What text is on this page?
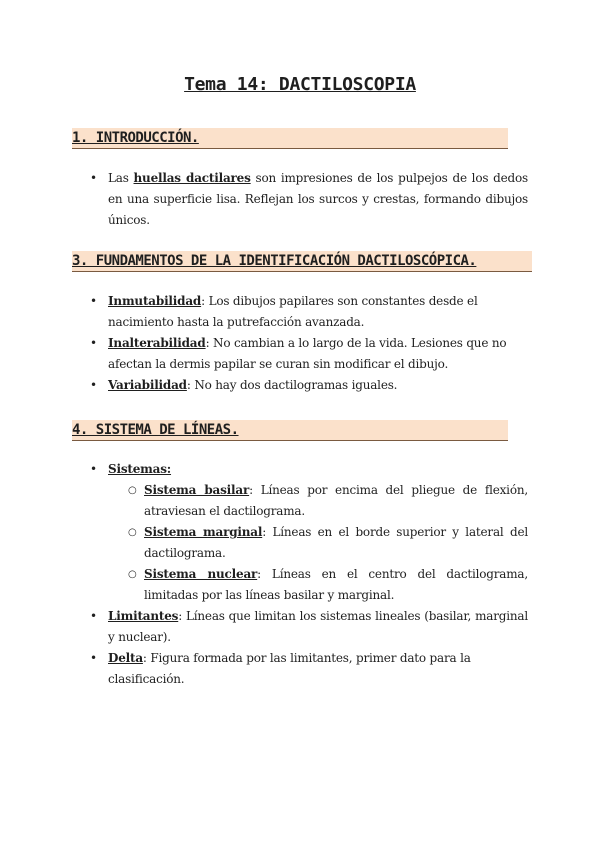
Tema 14: DACTILOSCOPIA
1. INTRODUCCIÓN.
• Las huellas dactilares son impresiones de los pulpejos de los dedos en una superficie lisa. Reflejan los surcos y crestas, formando dibujos únicos.
3. FUNDAMENTOS DE LA IDENTIFICACIÓN DACTILOSCÓPICA.
• Inmutabilidad: Los dibujos papilares son constantes desde el nacimiento hasta la putrefacción avanzada.
• Inalterabilidad: No cambian a lo largo de la vida. Lesiones que no afectan la dermis papilar se curan sin modificar el dibujo.
• Variabilidad: No hay dos dactilogramas iguales.
4. SISTEMA DE LÍNEAS.
• Sistemas:
○ Sistema basilar: Líneas por encima del pliegue de flexión, atraviesan el dactilograma.
○ Sistema marginal: Líneas en el borde superior y lateral del dactilograma.
○ Sistema nuclear: Líneas en el centro del dactilograma, limitadas por las líneas basilar y marginal.
• Limitantes: Líneas que limitan los sistemas lineales (basilar, marginal y nuclear).
• Delta: Figura formada por las limitantes, primer dato para la clasificación.
